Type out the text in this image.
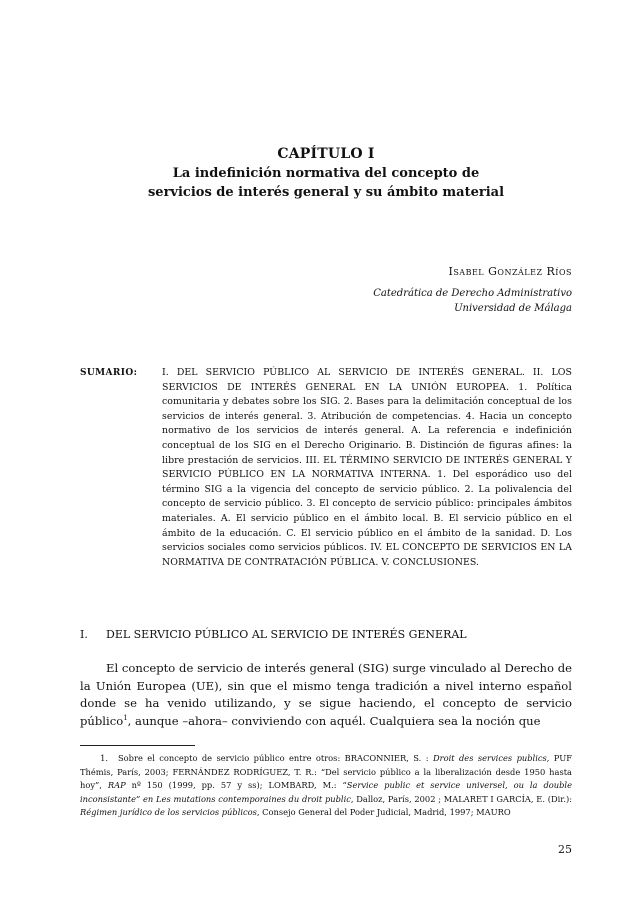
CAPÍTULO I
La indefinición normativa del concepto de
servicios de interés general y su ámbito material
Isabel González Ríos
Catedrática de Derecho Administrativo
Universidad de Málaga
SUMARIO:	I. DEL SERVICIO PÚBLICO AL SERVICIO DE INTERÉS GENERAL. II. LOS SERVICIOS DE INTERÉS GENERAL EN LA UNIÓN EUROPEA. 1. Política comunitaria y debates sobre los SIG. 2. Bases para la delimitación conceptual de los servicios de interés general. 3. Atribución de competencias. 4. Hacia un concepto normativo de los servicios de interés general. A. La referencia e indefinición conceptual de los SIG en el Derecho Originario. B. Distinción de figuras afines: la libre prestación de servicios. III. EL TÉRMINO SERVICIO DE INTERÉS GENERAL Y SERVICIO PÚBLICO EN LA NORMATIVA INTERNA. 1. Del esporádico uso del término SIG a la vigencia del concepto de servicio público. 2. La polivalencia del concepto de servicio público. 3. El concepto de servicio público: principales ámbitos materiales. A. El servicio público en el ámbito local. B. El servicio público en el ámbito de la educación. C. El servicio público en el ámbito de la sanidad. D. Los servicios sociales como servicios públicos. IV. EL CONCEPTO DE SERVICIOS EN LA NORMATIVA DE CONTRATACIÓN PÚBLICA. V. CONCLUSIONES.
I. DEL SERVICIO PÚBLICO AL SERVICIO DE INTERÉS GENERAL
El concepto de servicio de interés general (SIG) surge vinculado al Derecho de la Unión Europea (UE), sin que el mismo tenga tradición a nivel interno español donde se ha venido utilizando, y se sigue haciendo, el concepto de servicio público$^1$, aunque –ahora– conviviendo con aquél. Cualquiera sea la noción que
1. Sobre el concepto de servicio público entre otros: BRACONNIER, S. : Droit des services publics, PUF Thémis, París, 2003; FERNÁNDEZ RODRÍGUEZ, T. R.: “Del servicio público a la liberalización desde 1950 hasta hoy”, RAP nº 150 (1999, pp. 57 y ss); LOMBARD, M.: “Service public et service universel, ou la double inconsistante” en Les mutations contemporaines du droit public, Dalloz, París, 2002 ; MALARET I GARCÍA, E. (Dir.): Régimen jurídico de los servicios públicos, Consejo General del Poder Judicial, Madrid, 1997; MAURO
25
